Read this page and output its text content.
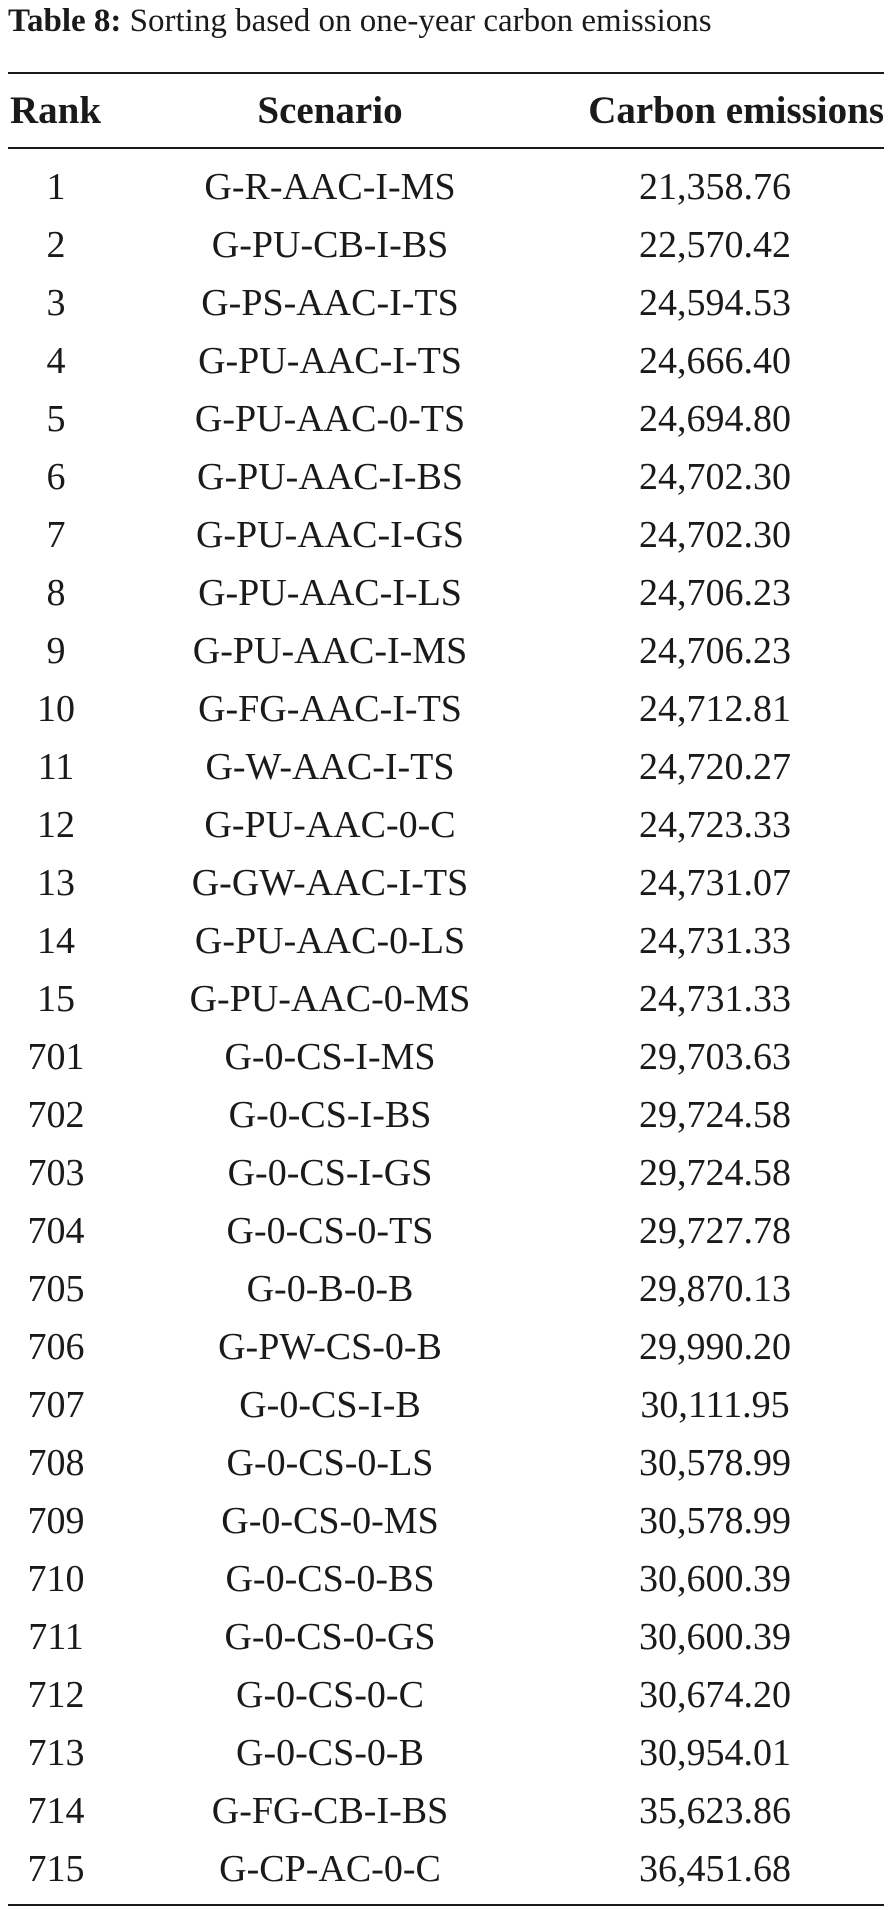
Table 8: Sorting based on one-year carbon emissions
Rank	Scenario	Carbon emissions
1	G-R-AAC-I-MS	21,358.76
2	G-PU-CB-I-BS	22,570.42
3	G-PS-AAC-I-TS	24,594.53
4	G-PU-AAC-I-TS	24,666.40
5	G-PU-AAC-0-TS	24,694.80
6	G-PU-AAC-I-BS	24,702.30
7	G-PU-AAC-I-GS	24,702.30
8	G-PU-AAC-I-LS	24,706.23
9	G-PU-AAC-I-MS	24,706.23
10	G-FG-AAC-I-TS	24,712.81
11	G-W-AAC-I-TS	24,720.27
12	G-PU-AAC-0-C	24,723.33
13	G-GW-AAC-I-TS	24,731.07
14	G-PU-AAC-0-LS	24,731.33
15	G-PU-AAC-0-MS	24,731.33
701	G-0-CS-I-MS	29,703.63
702	G-0-CS-I-BS	29,724.58
703	G-0-CS-I-GS	29,724.58
704	G-0-CS-0-TS	29,727.78
705	G-0-B-0-B	29,870.13
706	G-PW-CS-0-B	29,990.20
707	G-0-CS-I-B	30,111.95
708	G-0-CS-0-LS	30,578.99
709	G-0-CS-0-MS	30,578.99
710	G-0-CS-0-BS	30,600.39
711	G-0-CS-0-GS	30,600.39
712	G-0-CS-0-C	30,674.20
713	G-0-CS-0-B	30,954.01
714	G-FG-CB-I-BS	35,623.86
715	G-CP-AC-0-C	36,451.68
